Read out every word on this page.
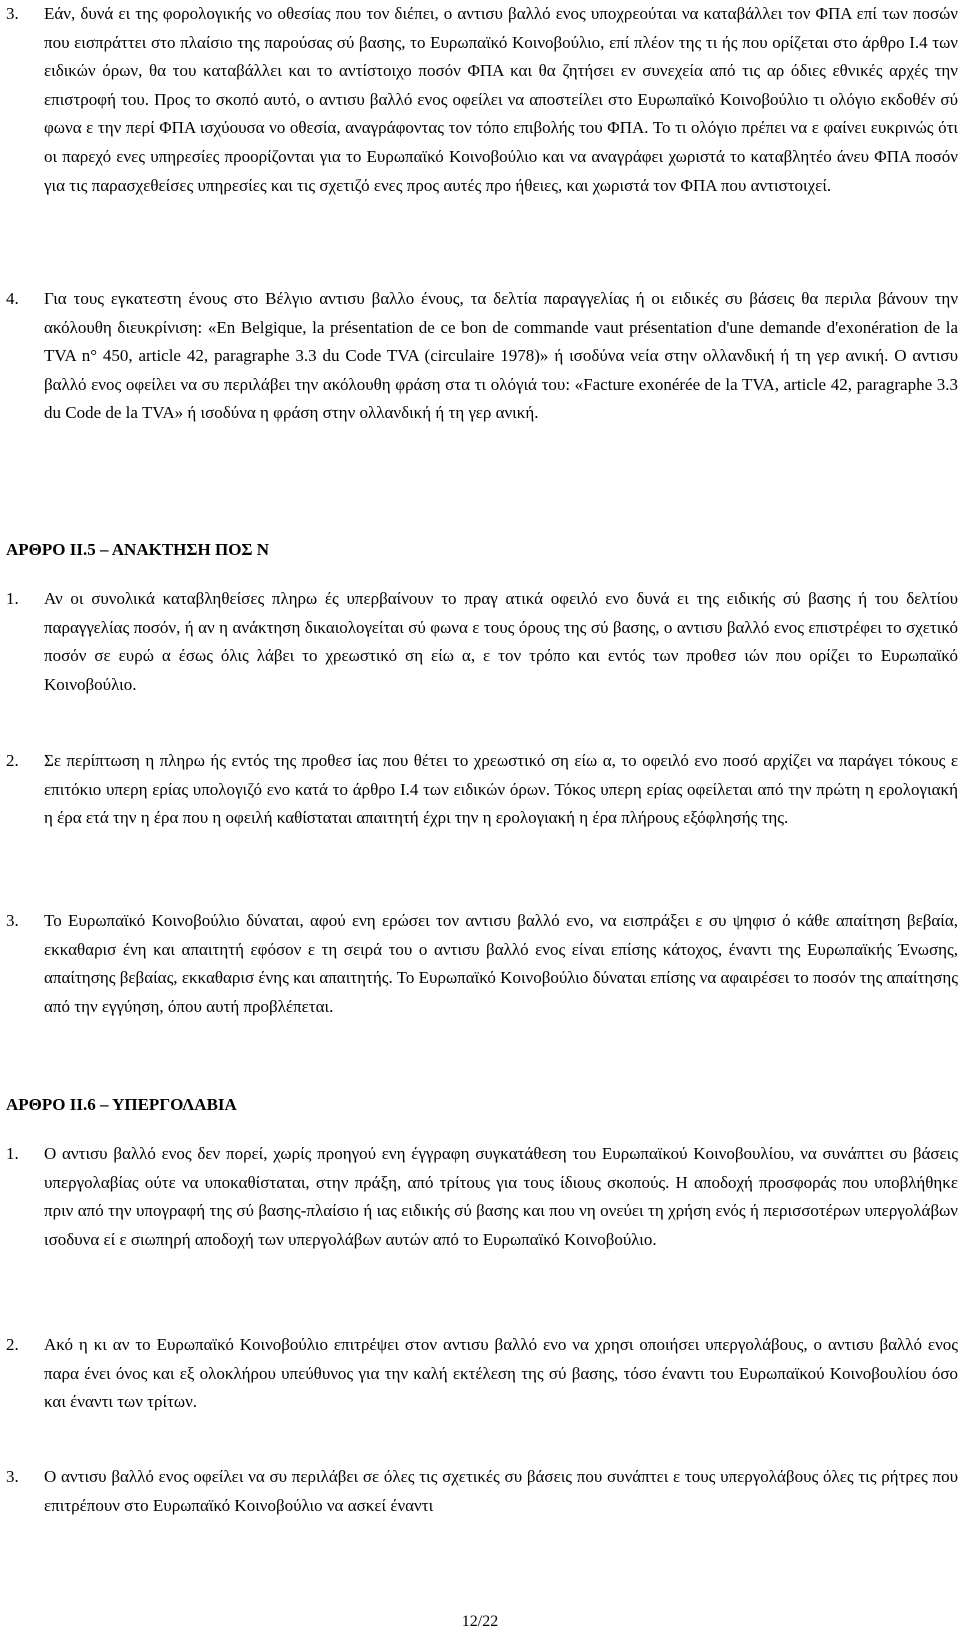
3. Εάν, δυνά ει της φορολογικής νο οθεσίας που τον διέπει, ο αντισυ βαλλό ενος υποχρεούται να καταβάλλει τον ΦΠΑ επί των ποσών που εισπράττει στο πλαίσιο της παρούσας σύ βασης, το Ευρωπαϊκό Κοινοβούλιο, επί πλέον της τι ής που ορίζεται στο άρθρο Ι.4 των ειδικών όρων, θα του καταβάλλει και το αντίστοιχο ποσόν ΦΠΑ και θα ζητήσει εν συνεχεία από τις αρ όδιες εθνικές αρχές την επιστροφή του. Προς το σκοπό αυτό, ο αντισυ βαλλό ενος οφείλει να αποστείλει στο Ευρωπαϊκό Κοινοβούλιο τι ολόγιο εκδοθέν σύ φωνα ε την περί ΦΠΑ ισχύουσα νο οθεσία, αναγράφοντας τον τόπο επιβολής του ΦΠΑ. Το τι ολόγιο πρέπει να ε φαίνει ευκρινώς ότι οι παρεχό ενες υπηρεσίες προορίζονται για το Ευρωπαϊκό Κοινοβούλιο και να αναγράφει χωριστά το καταβλητέο άνευ ΦΠΑ ποσόν για τις παρασχεθείσες υπηρεσίες και τις σχετιζό ενες προς αυτές προ ήθειες, και χωριστά τον ΦΠΑ που αντιστοιχεί.

4. Για τους εγκατεστη ένους στο Βέλγιο αντισυ βαλλο ένους, τα δελτία παραγγελίας ή οι ειδικές συ βάσεις θα περιλα βάνουν την ακόλουθη διευκρίνιση: «En Belgique, la présentation de ce bon de commande vaut présentation d'une demande d'exonération de la TVA n° 450, article 42, paragraphe 3.3 du Code TVA (circulaire 1978)» ή ισοδύνα νεία στην ολλανδική ή τη γερ ανική. Ο αντισυ βαλλό ενος οφείλει να συ περιλάβει την ακόλουθη φράση στα τι ολόγιά του: «Facture exonérée de la TVA, article 42, paragraphe 3.3 du Code de la TVA» ή ισοδύνα η φράση στην ολλανδική ή τη γερ ανική.

ΑΡΘΡΟ ΙΙ.5 – ΑΝΑΚΤΗΣΗ ΠΟΣ Ν

1. Αν οι συνολικά καταβληθείσες πληρω ές υπερβαίνουν το πραγ ατικά οφειλό ενο δυνά ει της ειδικής σύ βασης ή του δελτίου παραγγελίας ποσόν, ή αν η ανάκτηση δικαιολογείται σύ φωνα ε τους όρους της σύ βασης, ο αντισυ βαλλό ενος επιστρέφει το σχετικό ποσόν σε ευρώ α έσως όλις λάβει το χρεωστικό ση είω α, ε τον τρόπο και εντός των προθεσ ιών που ορίζει το Ευρωπαϊκό Κοινοβούλιο.

2. Σε περίπτωση η πληρω ής εντός της προθεσ ίας που θέτει το χρεωστικό ση είω α, το οφειλό ενο ποσό αρχίζει να παράγει τόκους ε επιτόκιο υπερη ερίας υπολογιζό ενο κατά το άρθρο Ι.4 των ειδικών όρων. Τόκος υπερη ερίας οφείλεται από την πρώτη η ερολογιακή η έρα ετά την η έρα που η οφειλή καθίσταται απαιτητή έχρι την η ερολογιακή η έρα πλήρους εξόφλησής της.

3. Το Ευρωπαϊκό Κοινοβούλιο δύναται, αφού ενη ερώσει τον αντισυ βαλλό ενο, να εισπράξει ε συ ψηφισ ό κάθε απαίτηση βεβαία, εκκαθαρισ ένη και απαιτητή εφόσον ε τη σειρά του ο αντισυ βαλλό ενος είναι επίσης κάτοχος, έναντι της Ευρωπαϊκής Ένωσης, απαίτησης βεβαίας, εκκαθαρισ ένης και απαιτητής. Το Ευρωπαϊκό Κοινοβούλιο δύναται επίσης να αφαιρέσει το ποσόν της απαίτησης από την εγγύηση, όπου αυτή προβλέπεται.

ΑΡΘΡΟ ΙΙ.6 – ΥΠΕΡΓΟΛΑΒΙΑ

1. Ο αντισυ βαλλό ενος δεν πορεί, χωρίς προηγού ενη έγγραφη συγκατάθεση του Ευρωπαϊκού Κοινοβουλίου, να συνάπτει συ βάσεις υπεργολαβίας ούτε να υποκαθίσταται, στην πράξη, από τρίτους για τους ίδιους σκοπούς. Η αποδοχή προσφοράς που υποβλήθηκε πριν από την υπογραφή της σύ βασης-πλαίσιο ή ιας ειδικής σύ βασης και που νη ονεύει τη χρήση ενός ή περισσοτέρων υπεργολάβων ισοδυνα εί ε σιωπηρή αποδοχή των υπεργολάβων αυτών από το Ευρωπαϊκό Κοινοβούλιο.

2. Ακό η κι αν το Ευρωπαϊκό Κοινοβούλιο επιτρέψει στον αντισυ βαλλό ενο να χρησι οποιήσει υπεργολάβους, ο αντισυ βαλλό ενος παρα ένει όνος και εξ ολοκλήρου υπεύθυνος για την καλή εκτέλεση της σύ βασης, τόσο έναντι του Ευρωπαϊκού Κοινοβουλίου όσο και έναντι των τρίτων.

3. Ο αντισυ βαλλό ενος οφείλει να συ περιλάβει σε όλες τις σχετικές συ βάσεις που συνάπτει ε τους υπεργολάβους όλες τις ρήτρες που επιτρέπουν στο Ευρωπαϊκό Κοινοβούλιο να ασκεί έναντι

12/22
